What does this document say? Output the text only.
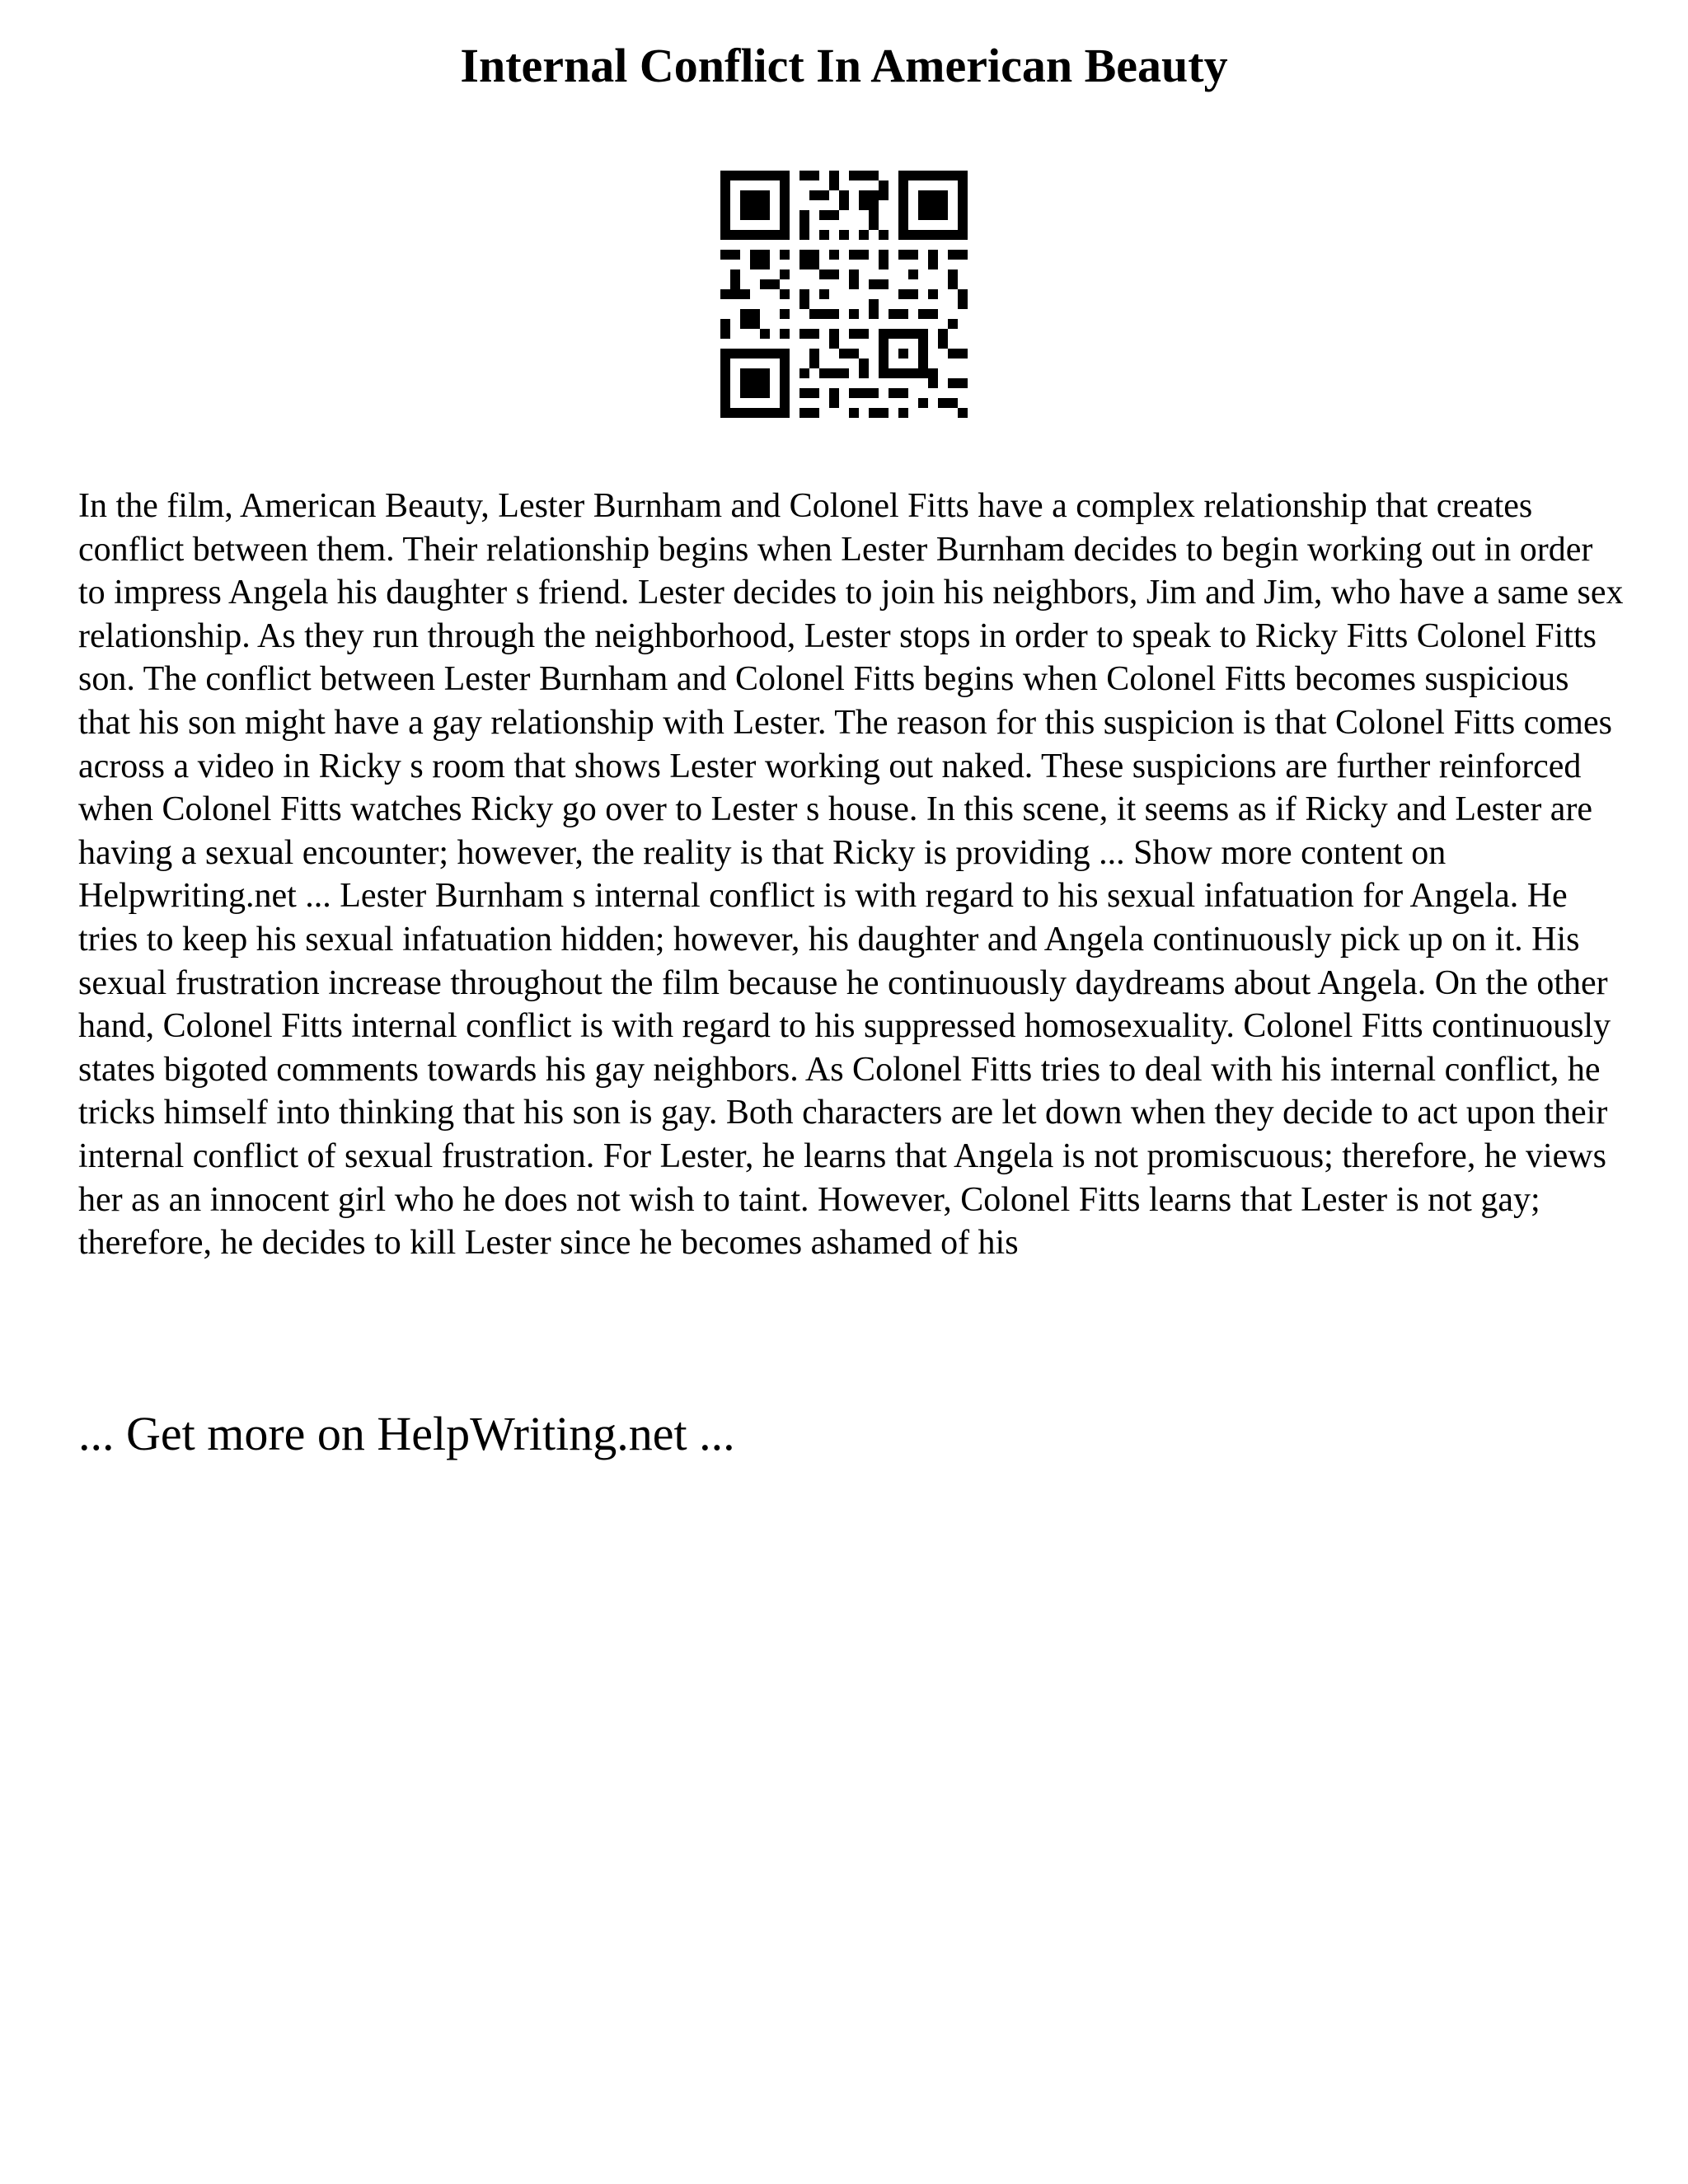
Internal Conflict In American Beauty

In the film, American Beauty, Lester Burnham and Colonel Fitts have a complex relationship that creates conflict between them. Their relationship begins when Lester Burnham decides to begin working out in order to impress Angela his daughter s friend. Lester decides to join his neighbors, Jim and Jim, who have a same sex relationship. As they run through the neighborhood, Lester stops in order to speak to Ricky Fitts Colonel Fitts son. The conflict between Lester Burnham and Colonel Fitts begins when Colonel Fitts becomes suspicious that his son might have a gay relationship with Lester. The reason for this suspicion is that Colonel Fitts comes across a video in Ricky s room that shows Lester working out naked. These suspicions are further reinforced when Colonel Fitts watches Ricky go over to Lester s house. In this scene, it seems as if Ricky and Lester are having a sexual encounter; however, the reality is that Ricky is providing ... Show more content on Helpwriting.net ... Lester Burnham s internal conflict is with regard to his sexual infatuation for Angela. He tries to keep his sexual infatuation hidden; however, his daughter and Angela continuously pick up on it. His sexual frustration increase throughout the film because he continuously daydreams about Angela. On the other hand, Colonel Fitts internal conflict is with regard to his suppressed homosexuality. Colonel Fitts continuously states bigoted comments towards his gay neighbors. As Colonel Fitts tries to deal with his internal conflict, he tricks himself into thinking that his son is gay. Both characters are let down when they decide to act upon their internal conflict of sexual frustration. For Lester, he learns that Angela is not promiscuous; therefore, he views her as an innocent girl who he does not wish to taint. However, Colonel Fitts learns that Lester is not gay; therefore, he decides to kill Lester since he becomes ashamed of his

... Get more on HelpWriting.net ...
